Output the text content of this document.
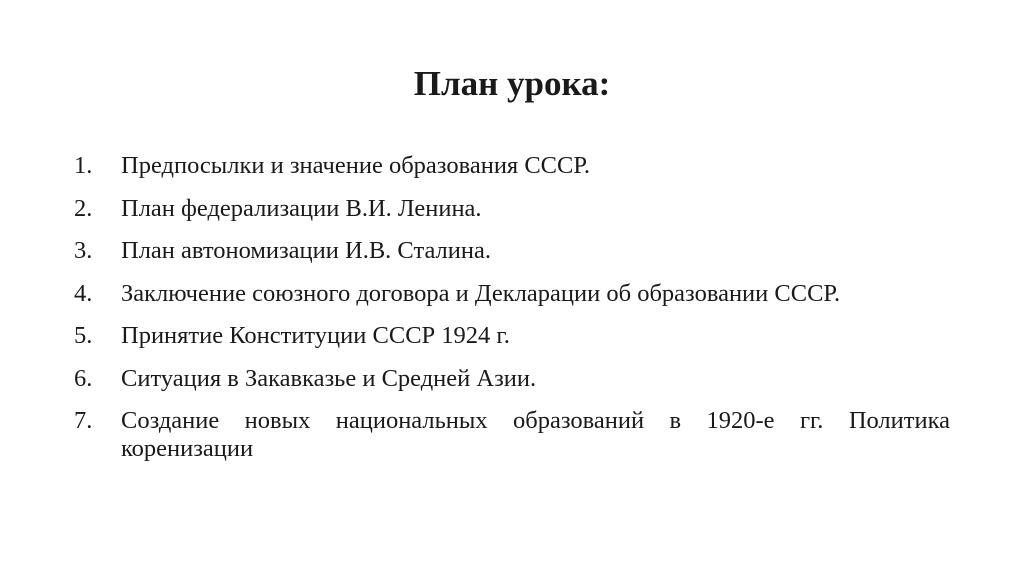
План урока:
1.	Предпосылки и значение образования СССР.
2.	План федерализации В.И. Ленина.
3.	План автономизации И.В. Сталина.
4.	Заключение союзного договора и Декларации об образовании СССР.
5.	Принятие Конституции СССР 1924 г.
6.	Ситуация в Закавказье и Средней Азии.
7.	Создание новых национальных образований в 1920-е гг. Политика коренизации
